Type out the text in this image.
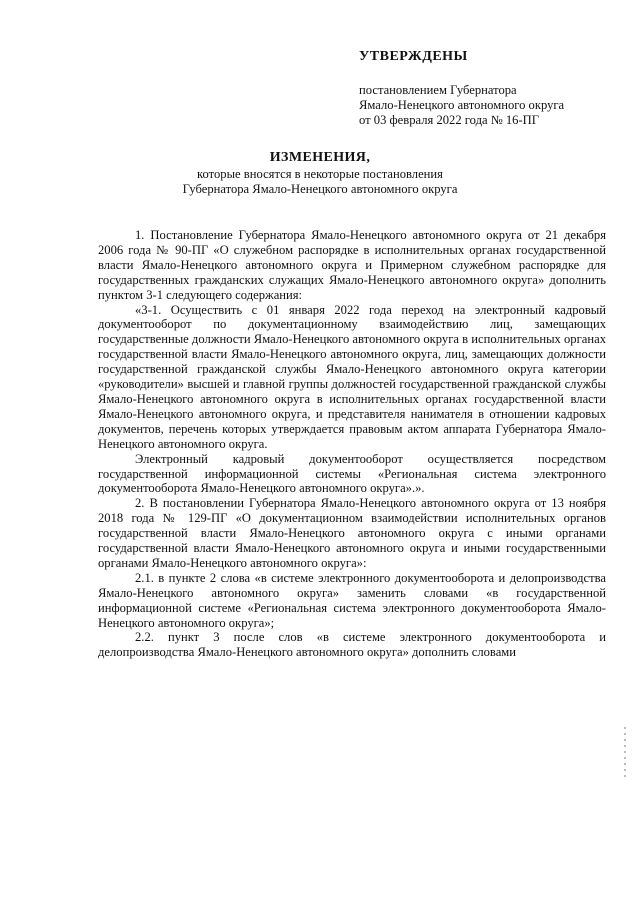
УТВЕРЖДЕНЫ
постановлением Губернатора
Ямало-Ненецкого автономного округа
от 03 февраля 2022 года № 16-ПГ
ИЗМЕНЕНИЯ,
которые вносятся в некоторые постановления
Губернатора Ямало-Ненецкого автономного округа

1. Постановление Губернатора Ямало-Ненецкого автономного округа от 21 декабря 2006 года № 90-ПГ «О служебном распорядке в исполнительных органах государственной власти Ямало-Ненецкого автономного округа и Примерном служебном распорядке для государственных гражданских служащих Ямало-Ненецкого автономного округа» дополнить пунктом 3-1 следующего содержания:

«3-1. Осуществить с 01 января 2022 года переход на электронный кадровый документооборот по документационному взаимодействию лиц, замещающих государственные должности Ямало-Ненецкого автономного округа в исполнительных органах государственной власти Ямало-Ненецкого автономного округа, лиц, замещающих должности государственной гражданской службы Ямало-Ненецкого автономного округа категории «руководители» высшей и главной группы должностей государственной гражданской службы Ямало-Ненецкого автономного округа в исполнительных органах государственной власти Ямало-Ненецкого автономного округа, и представителя нанимателя в отношении кадровых документов, перечень которых утверждается правовым актом аппарата Губернатора Ямало-Ненецкого автономного округа.

Электронный кадровый документооборот осуществляется посредством государственной информационной системы «Региональная система электронного документооборота Ямало-Ненецкого автономного округа».».

2. В постановлении Губернатора Ямало-Ненецкого автономного округа от 13 ноября 2018 года № 129-ПГ «О документационном взаимодействии исполнительных органов государственной власти Ямало-Ненецкого автономного округа с иными органами государственной власти Ямало-Ненецкого автономного округа и иными государственными органами Ямало-Ненецкого автономного округа»:

2.1. в пункте 2 слова «в системе электронного документооборота и делопроизводства Ямало-Ненецкого автономного округа» заменить словами «в государственной информационной системе «Региональная система электронного документооборота Ямало-Ненецкого автономного округа»;

2.2. пункт 3 после слов «в системе электронного документооборота и делопроизводства Ямало-Ненецкого автономного округа» дополнить словами
